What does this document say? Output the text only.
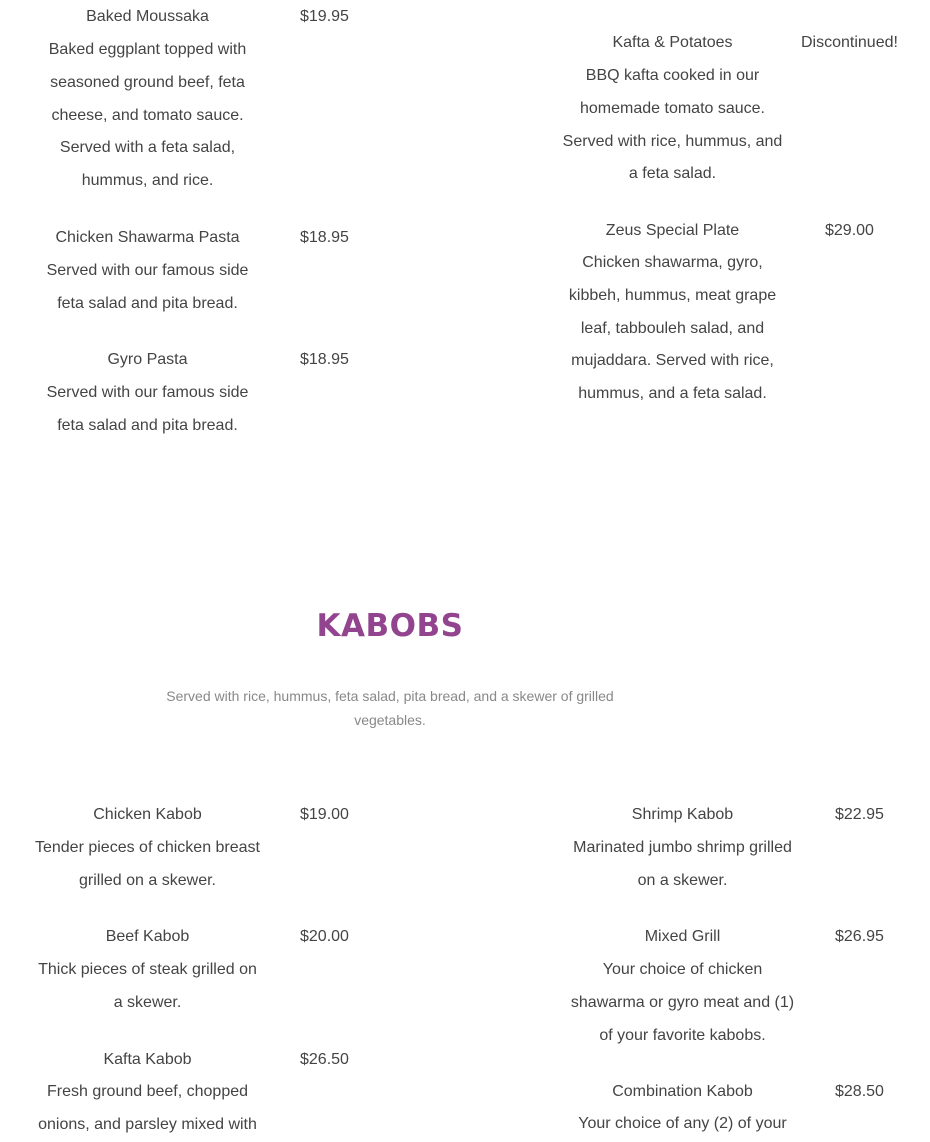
Baked Moussaka	$19.95
Baked eggplant topped with seasoned ground beef, feta cheese, and tomato sauce. Served with a feta salad, hummus, and rice.
Chicken Shawarma Pasta	$18.95
Served with our famous side feta salad and pita bread.
Gyro Pasta	$18.95
Served with our famous side feta salad and pita bread.
Kafta & Potatoes	Discontinued!
BBQ kafta cooked in our homemade tomato sauce. Served with rice, hummus, and a feta salad.
Zeus Special Plate	$29.00
Chicken shawarma, gyro, kibbeh, hummus, meat grape leaf, tabbouleh salad, and mujaddara. Served with rice, hummus, and a feta salad.
KABOBS
Served with rice, hummus, feta salad, pita bread, and a skewer of grilled vegetables.
Chicken Kabob	$19.00
Tender pieces of chicken breast grilled on a skewer.
Beef Kabob	$20.00
Thick pieces of steak grilled on a skewer.
Kafta Kabob	$26.50
Fresh ground beef, chopped onions, and parsley mixed with
Shrimp Kabob	$22.95
Marinated jumbo shrimp grilled on a skewer.
Mixed Grill	$26.95
Your choice of chicken shawarma or gyro meat and (1) of your favorite kabobs.
Combination Kabob	$28.50
Your choice of any (2) of your
